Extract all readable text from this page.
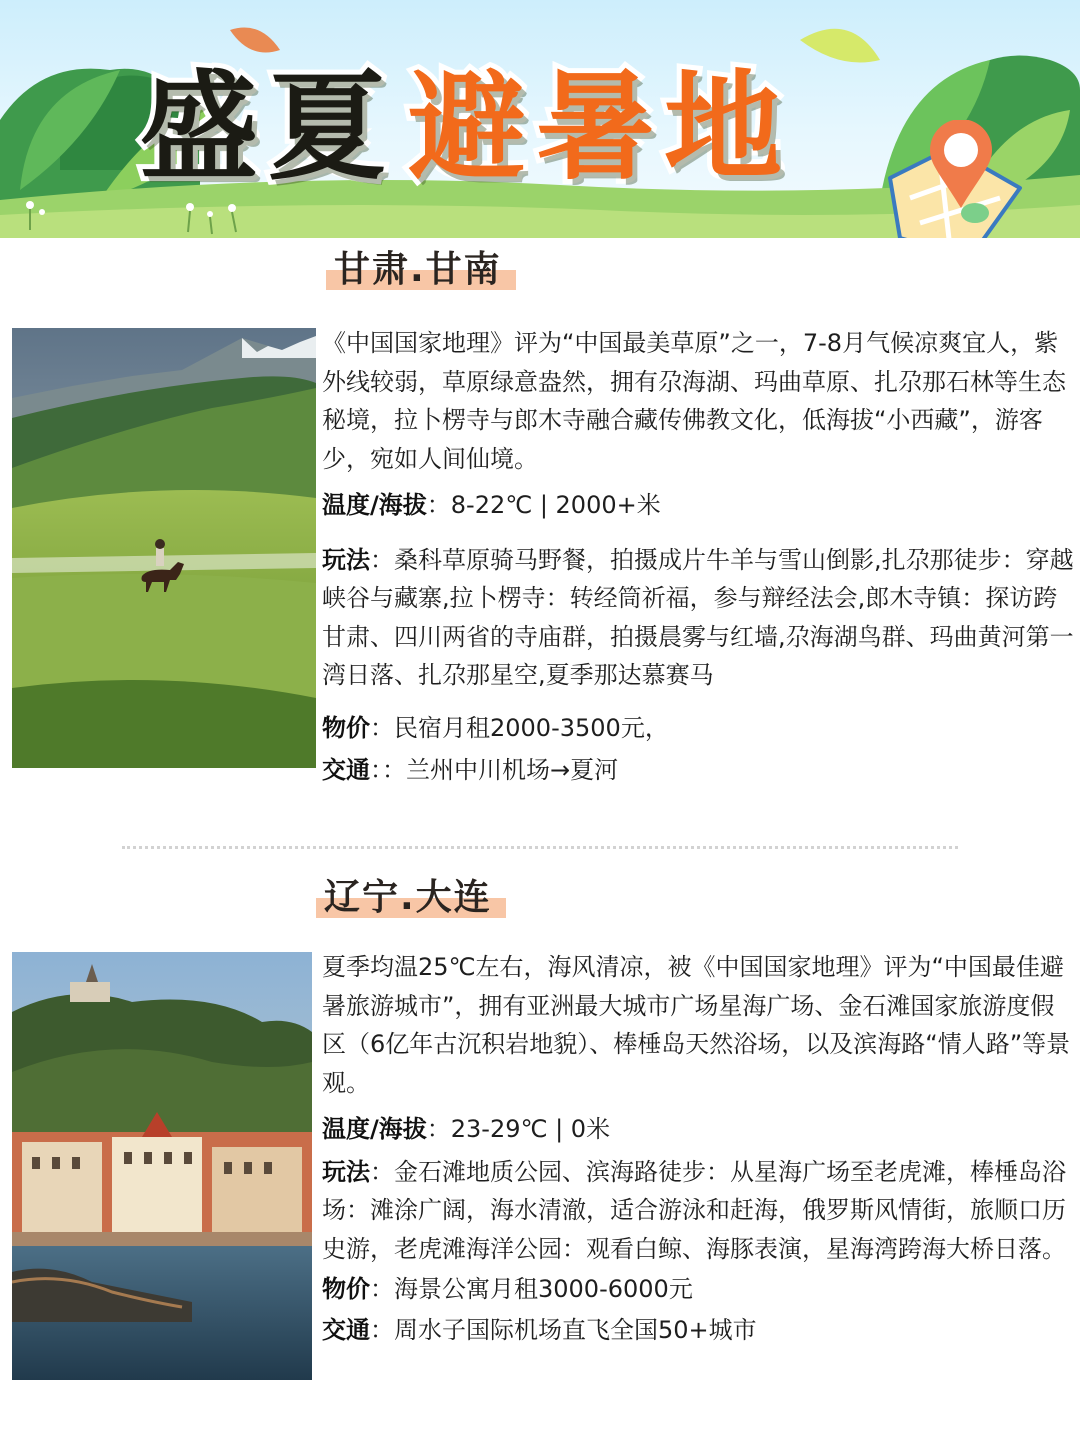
盛夏 避暑地
甘肃.甘南

《中国国家地理》评为“中国最美草原”之一，7-8月气候凉爽宜人，紫外线较弱，草原绿意盎然，拥有尕海湖、玛曲草原、扎尕那石林等生态秘境，拉卜楞寺与郎木寺融合藏传佛教文化，低海拔“小西藏”，游客少，宛如人间仙境。

温度/海拔：8-22℃ | 2000+米

玩法：桑科草原骑马野餐，拍摄成片牛羊与雪山倒影,扎尕那徒步：穿越峡谷与藏寨,拉卜楞寺：转经筒祈福，参与辩经法会,郎木寺镇：探访跨甘肃、四川两省的寺庙群，拍摄晨雾与红墙,尕海湖鸟群、玛曲黄河第一湾日落、扎尕那星空,夏季那达慕赛马

物价：民宿月租2000-3500元，

交通：：兰州中川机场→夏河

辽宁.大连

夏季均温25℃左右，海风清凉，被《中国国家地理》评为“中国最佳避暑旅游城市”，拥有亚洲最大城市广场星海广场、金石滩国家旅游度假区（6亿年古沉积岩地貌）、棒棰岛天然浴场，以及滨海路“情人路”等景观。

温度/海拔：23-29℃ | 0米

玩法：金石滩地质公园、滨海路徒步：从星海广场至老虎滩，棒棰岛浴场：滩涂广阔，海水清澈，适合游泳和赶海，俄罗斯风情街，旅顺口历史游，老虎滩海洋公园：观看白鲸、海豚表演，星海湾跨海大桥日落。

物价：海景公寓月租3000-6000元

交通：周水子国际机场直飞全国50+城市
